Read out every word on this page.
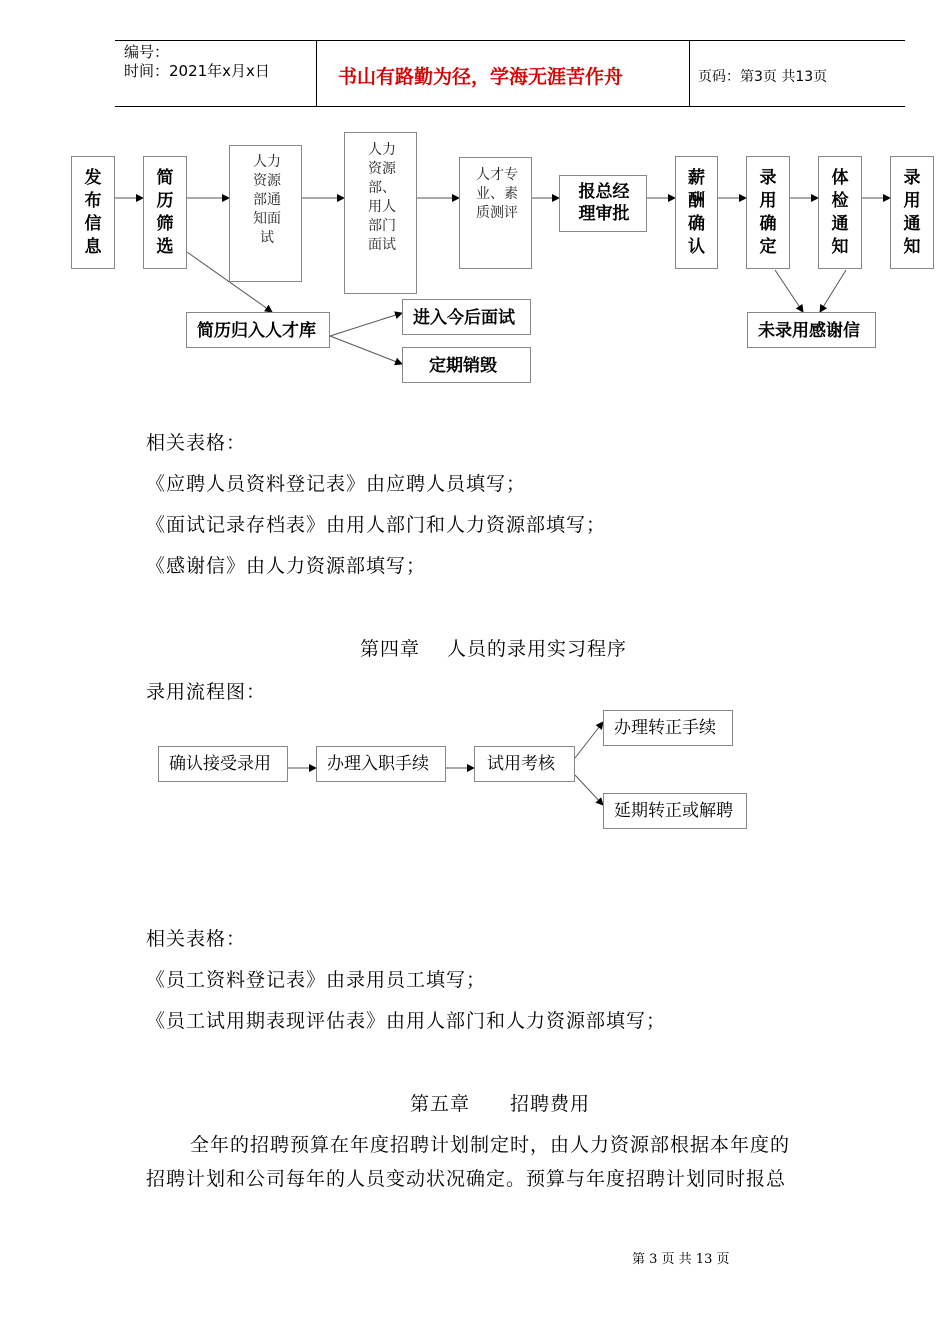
编号：
时间：2021年x月x日	书山有路勤为径，学海无涯苦作舟	页码：第3页 共13页
发布信息
简历筛选
人力资源部通知面试
人力资源部、用人部门面试
人才专业、素质测评
报总经理审批
薪酬确认
录用确定
体检通知
录用通知
简历归入人才库
进入今后面试
定期销毁
未录用感谢信
相关表格：
《应聘人员资料登记表》由应聘人员填写；
《面试记录存档表》由用人部门和人力资源部填写；
《感谢信》由人力资源部填写；
第四章　 人员的录用实习程序
录用流程图：
确认接受录用	办理入职手续	试用考核
办理转正手续
延期转正或解聘
相关表格：
《员工资料登记表》由录用员工填写；
《员工试用期表现评估表》由用人部门和人力资源部填写；
第五章　　招聘费用
全年的招聘预算在年度招聘计划制定时，由人力资源部根据本年度的
招聘计划和公司每年的人员变动状况确定。预算与年度招聘计划同时报总
第 3 页 共 13 页
